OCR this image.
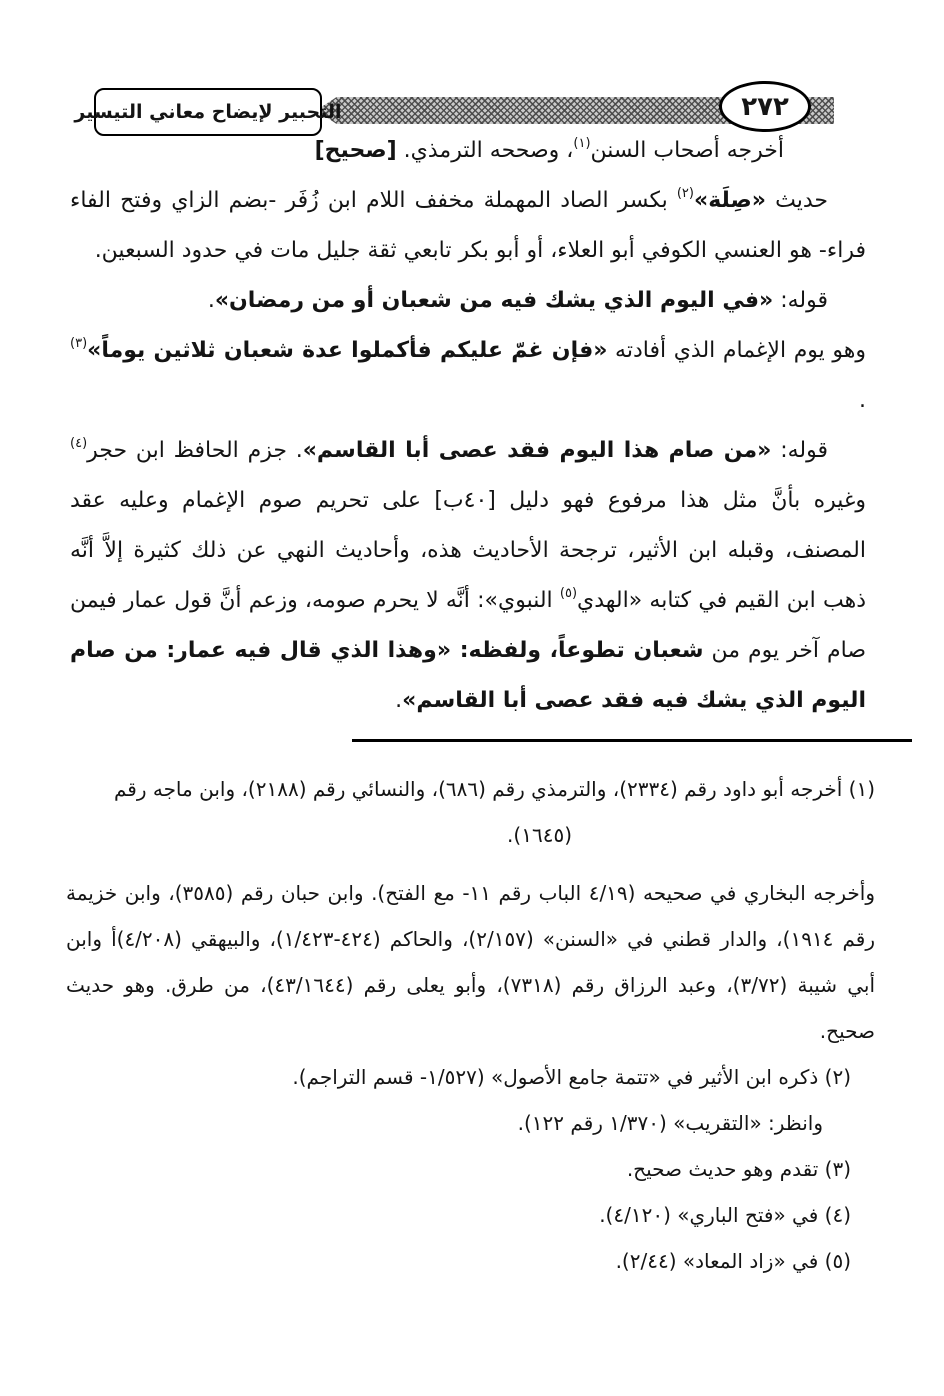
٢٧٢
التحبير لإيضاح معاني التيسير
أخرجه أصحاب السنن$^{(١)}$، وصححه الترمذي. [صحيح]
حديث «صِلَة»$^{(٢)}$ بكسر الصاد المهملة مخفف اللام ابن زُفَر -بضم الزاي وفتح الفاء فراء- هو العنسي الكوفي أبو العلاء، أو أبو بكر تابعي ثقة جليل مات في حدود السبعين.
قوله: «في اليوم الذي يشك فيه من شعبان أو من رمضان».
وهو يوم الإغمام الذي أفادته «فإن غمّ عليكم فأكملوا عدة شعبان ثلاثين يوماً»$^{(٣)}$ .
قوله: «من صام هذا اليوم فقد عصى أبا القاسم». جزم الحافظ ابن حجر$^{(٤)}$ وغيره بأنَّ مثل هذا مرفوع فهو دليل [٤٠ب] على تحريم صوم الإغمام وعليه عقد المصنف، وقبله ابن الأثير، ترجحة الأحاديث هذه، وأحاديث النهي عن ذلك كثيرة إلاَّ أنَّه ذهب ابن القيم في كتابه «الهدي$^{(٥)}$ النبوي»: أنَّه لا يحرم صومه، وزعم أنَّ قول عمار فيمن صام آخر يوم من شعبان تطوعاً، ولفظه: «وهذا الذي قال فيه عمار: من صام اليوم الذي يشك فيه فقد عصى أبا القاسم».
(١) أخرجه أبو داود رقم (٢٣٣٤)، والترمذي رقم (٦٨٦)، والنسائي رقم (٢١٨٨)، وابن ماجه رقم
(١٦٤٥).
وأخرجه البخاري في صحيحه (٤/١٩ الباب رقم ١١- مع الفتح). وابن حبان رقم (٣٥٨٥)، وابن خزيمة رقم ١٩١٤)، والدار قطني في «السنن» (٢/١٥٧)، والحاكم (١/٤٢٣‎-‎٤٢٤)، والبيهقي (٤/٢٠٨)أ وابن أبي شيبة (٣/٧٢)، وعبد الرزاق رقم (٧٣١٨)، وأبو يعلى رقم (٤٣/١٦٤٤)، من طرق. وهو حديث صحيح.
(٢) ذكره ابن الأثير في «تتمة جامع الأصول» (١/٥٢٧- قسم التراجم).
وانظر: «التقريب» (١/٣٧٠ رقم ١٢٢).
(٣) تقدم وهو حديث صحيح.
(٤) في «فتح الباري» (٤/١٢٠).
(٥) في «زاد المعاد» (٢/٤٤).
